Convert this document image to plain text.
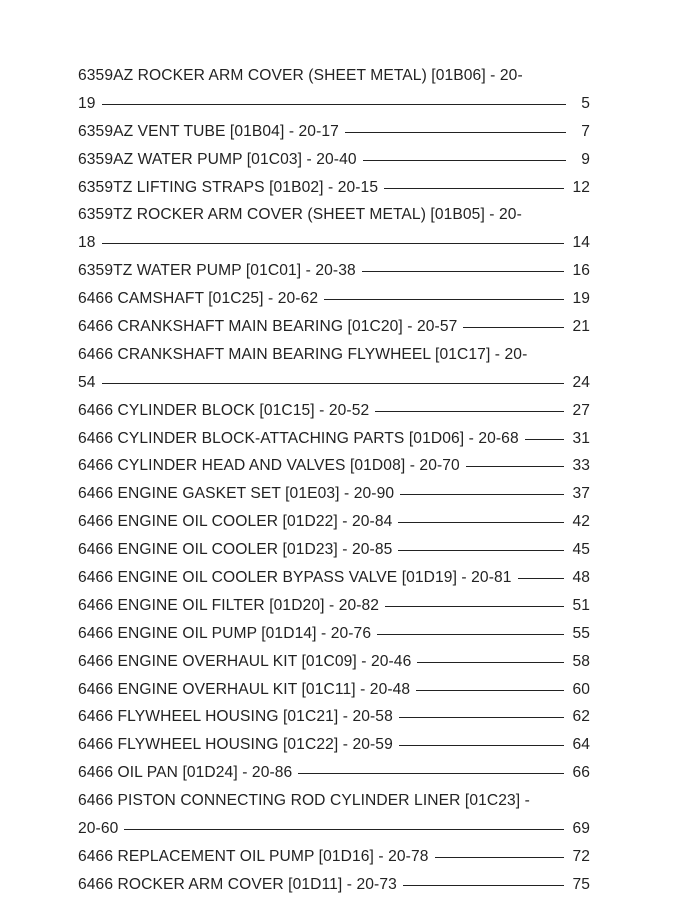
6359AZ ROCKER ARM COVER (SHEET METAL) [01B06] - 20-
19	5
6359AZ VENT TUBE [01B04] - 20-17	7
6359AZ WATER PUMP [01C03] - 20-40	9
6359TZ LIFTING STRAPS [01B02] - 20-15	12
6359TZ ROCKER ARM COVER (SHEET METAL) [01B05] - 20-
18	14
6359TZ WATER PUMP [01C01] - 20-38	16
6466 CAMSHAFT [01C25] - 20-62	19
6466 CRANKSHAFT MAIN BEARING [01C20] - 20-57	21
6466 CRANKSHAFT MAIN BEARING FLYWHEEL [01C17] - 20-
54	24
6466 CYLINDER BLOCK [01C15] - 20-52	27
6466 CYLINDER BLOCK-ATTACHING PARTS [01D06] - 20-68	31
6466 CYLINDER HEAD AND VALVES [01D08] - 20-70	33
6466 ENGINE GASKET SET [01E03] - 20-90	37
6466 ENGINE OIL COOLER [01D22] - 20-84	42
6466 ENGINE OIL COOLER [01D23] - 20-85	45
6466 ENGINE OIL COOLER BYPASS VALVE [01D19] - 20-81	48
6466 ENGINE OIL FILTER [01D20] - 20-82	51
6466 ENGINE OIL PUMP [01D14] - 20-76	55
6466 ENGINE OVERHAUL KIT [01C09] - 20-46	58
6466 ENGINE OVERHAUL KIT [01C11] - 20-48	60
6466 FLYWHEEL HOUSING [01C21] - 20-58	62
6466 FLYWHEEL HOUSING [01C22] - 20-59	64
6466 OIL PAN [01D24] - 20-86	66
6466 PISTON CONNECTING ROD CYLINDER LINER [01C23] -
20-60	69
6466 REPLACEMENT OIL PUMP [01D16] - 20-78	72
6466 ROCKER ARM COVER [01D11] - 20-73	75
